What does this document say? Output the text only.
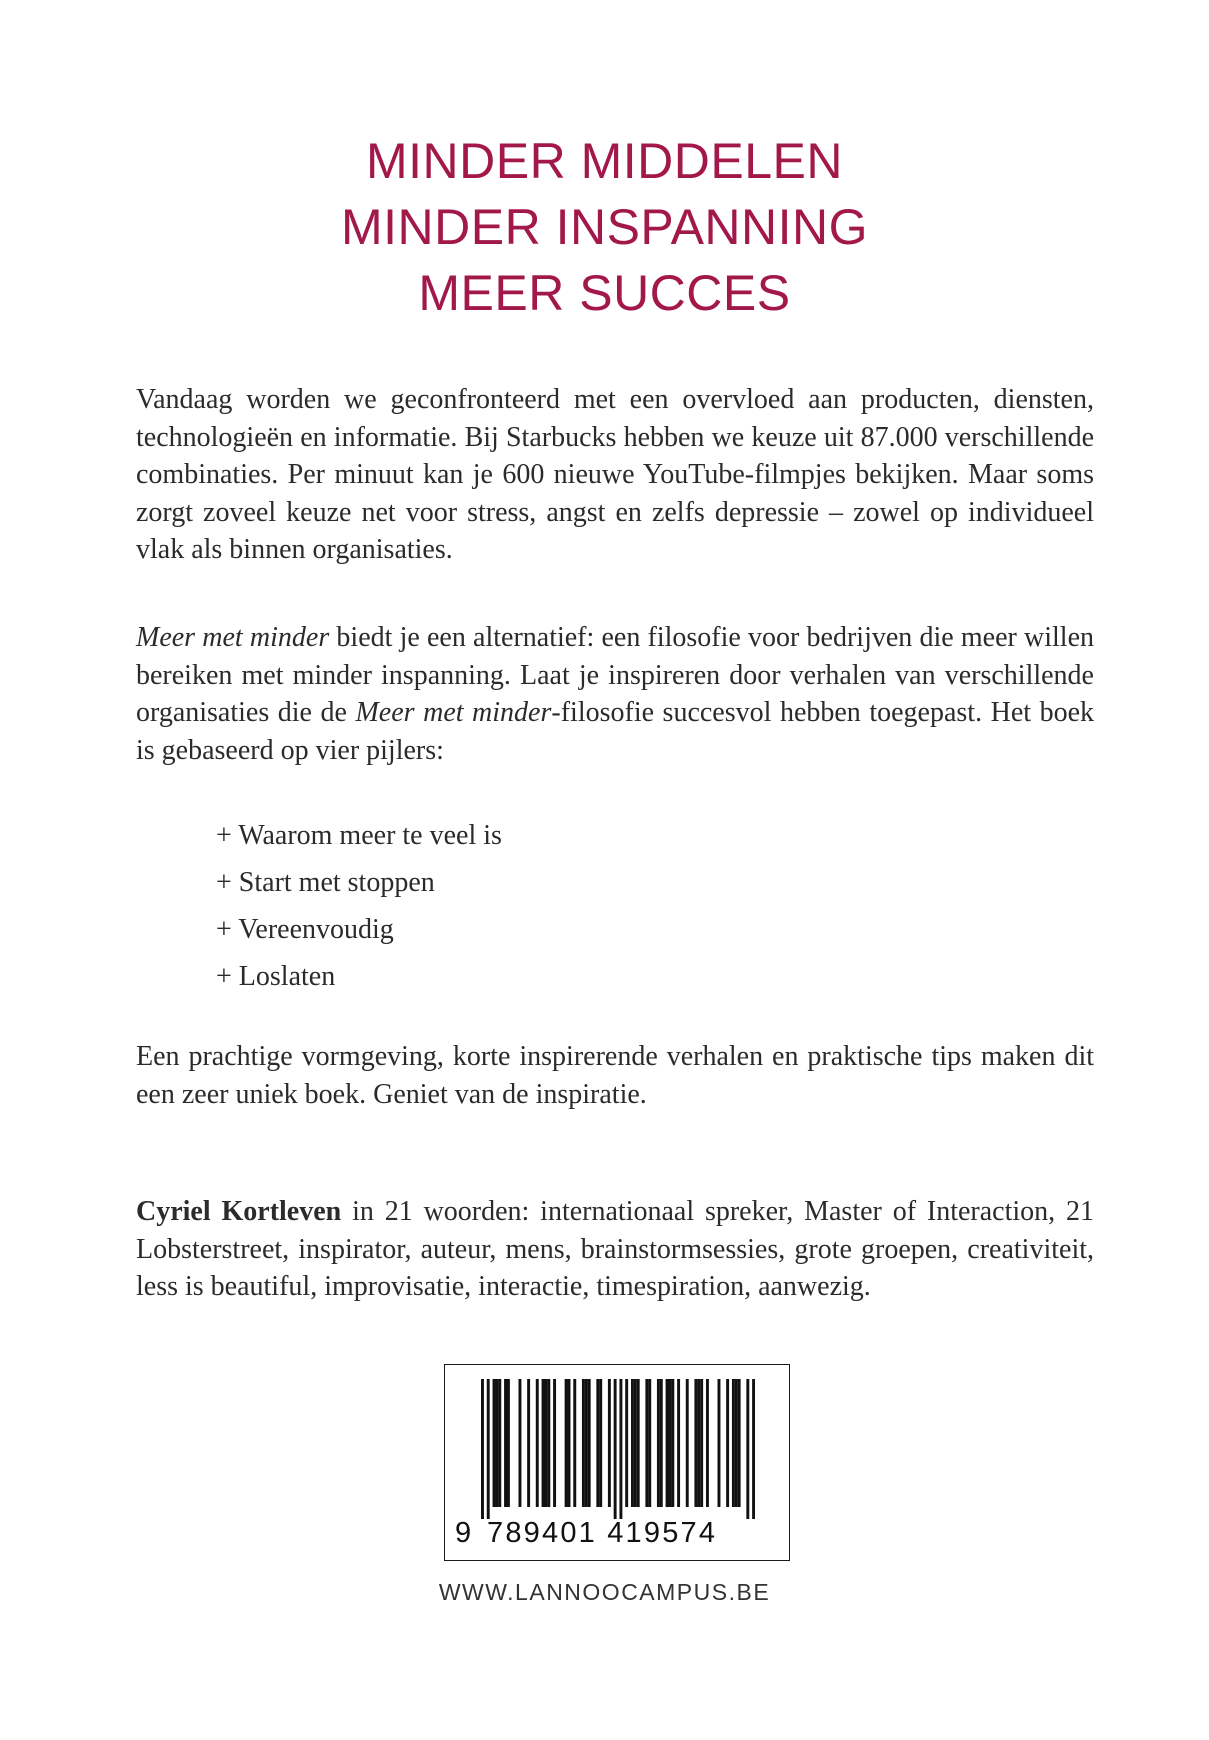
MINDER MIDDELEN
MINDER INSPANNING
MEER SUCCES

Vandaag worden we geconfronteerd met een overvloed aan producten, diensten, technologieën en informatie. Bij Starbucks hebben we keuze uit 87.000 verschillende combinaties. Per minuut kan je 600 nieuwe YouTube-filmpjes bekijken. Maar soms zorgt zoveel keuze net voor stress, angst en zelfs depressie – zowel op individueel vlak als binnen organisaties.

Meer met minder biedt je een alternatief: een filosofie voor bedrijven die meer willen bereiken met minder inspanning. Laat je inspireren door verhalen van verschillende organisaties die de Meer met minder-filosofie succesvol hebben toegepast. Het boek is gebaseerd op vier pijlers:

+ Waarom meer te veel is
+ Start met stoppen
+ Vereenvoudig
+ Loslaten

Een prachtige vormgeving, korte inspirerende verhalen en praktische tips maken dit een zeer uniek boek. Geniet van de inspiratie.

Cyriel Kortleven in 21 woorden: internationaal spreker, Master of Interaction, 21 Lobsterstreet, inspirator, auteur, mens, brainstormsessies, grote groepen, creativiteit, less is beautiful, improvisatie, interactie, timespiration, aanwezig.

9 789401 419574
WWW.LANNOOCAMPUS.BE
